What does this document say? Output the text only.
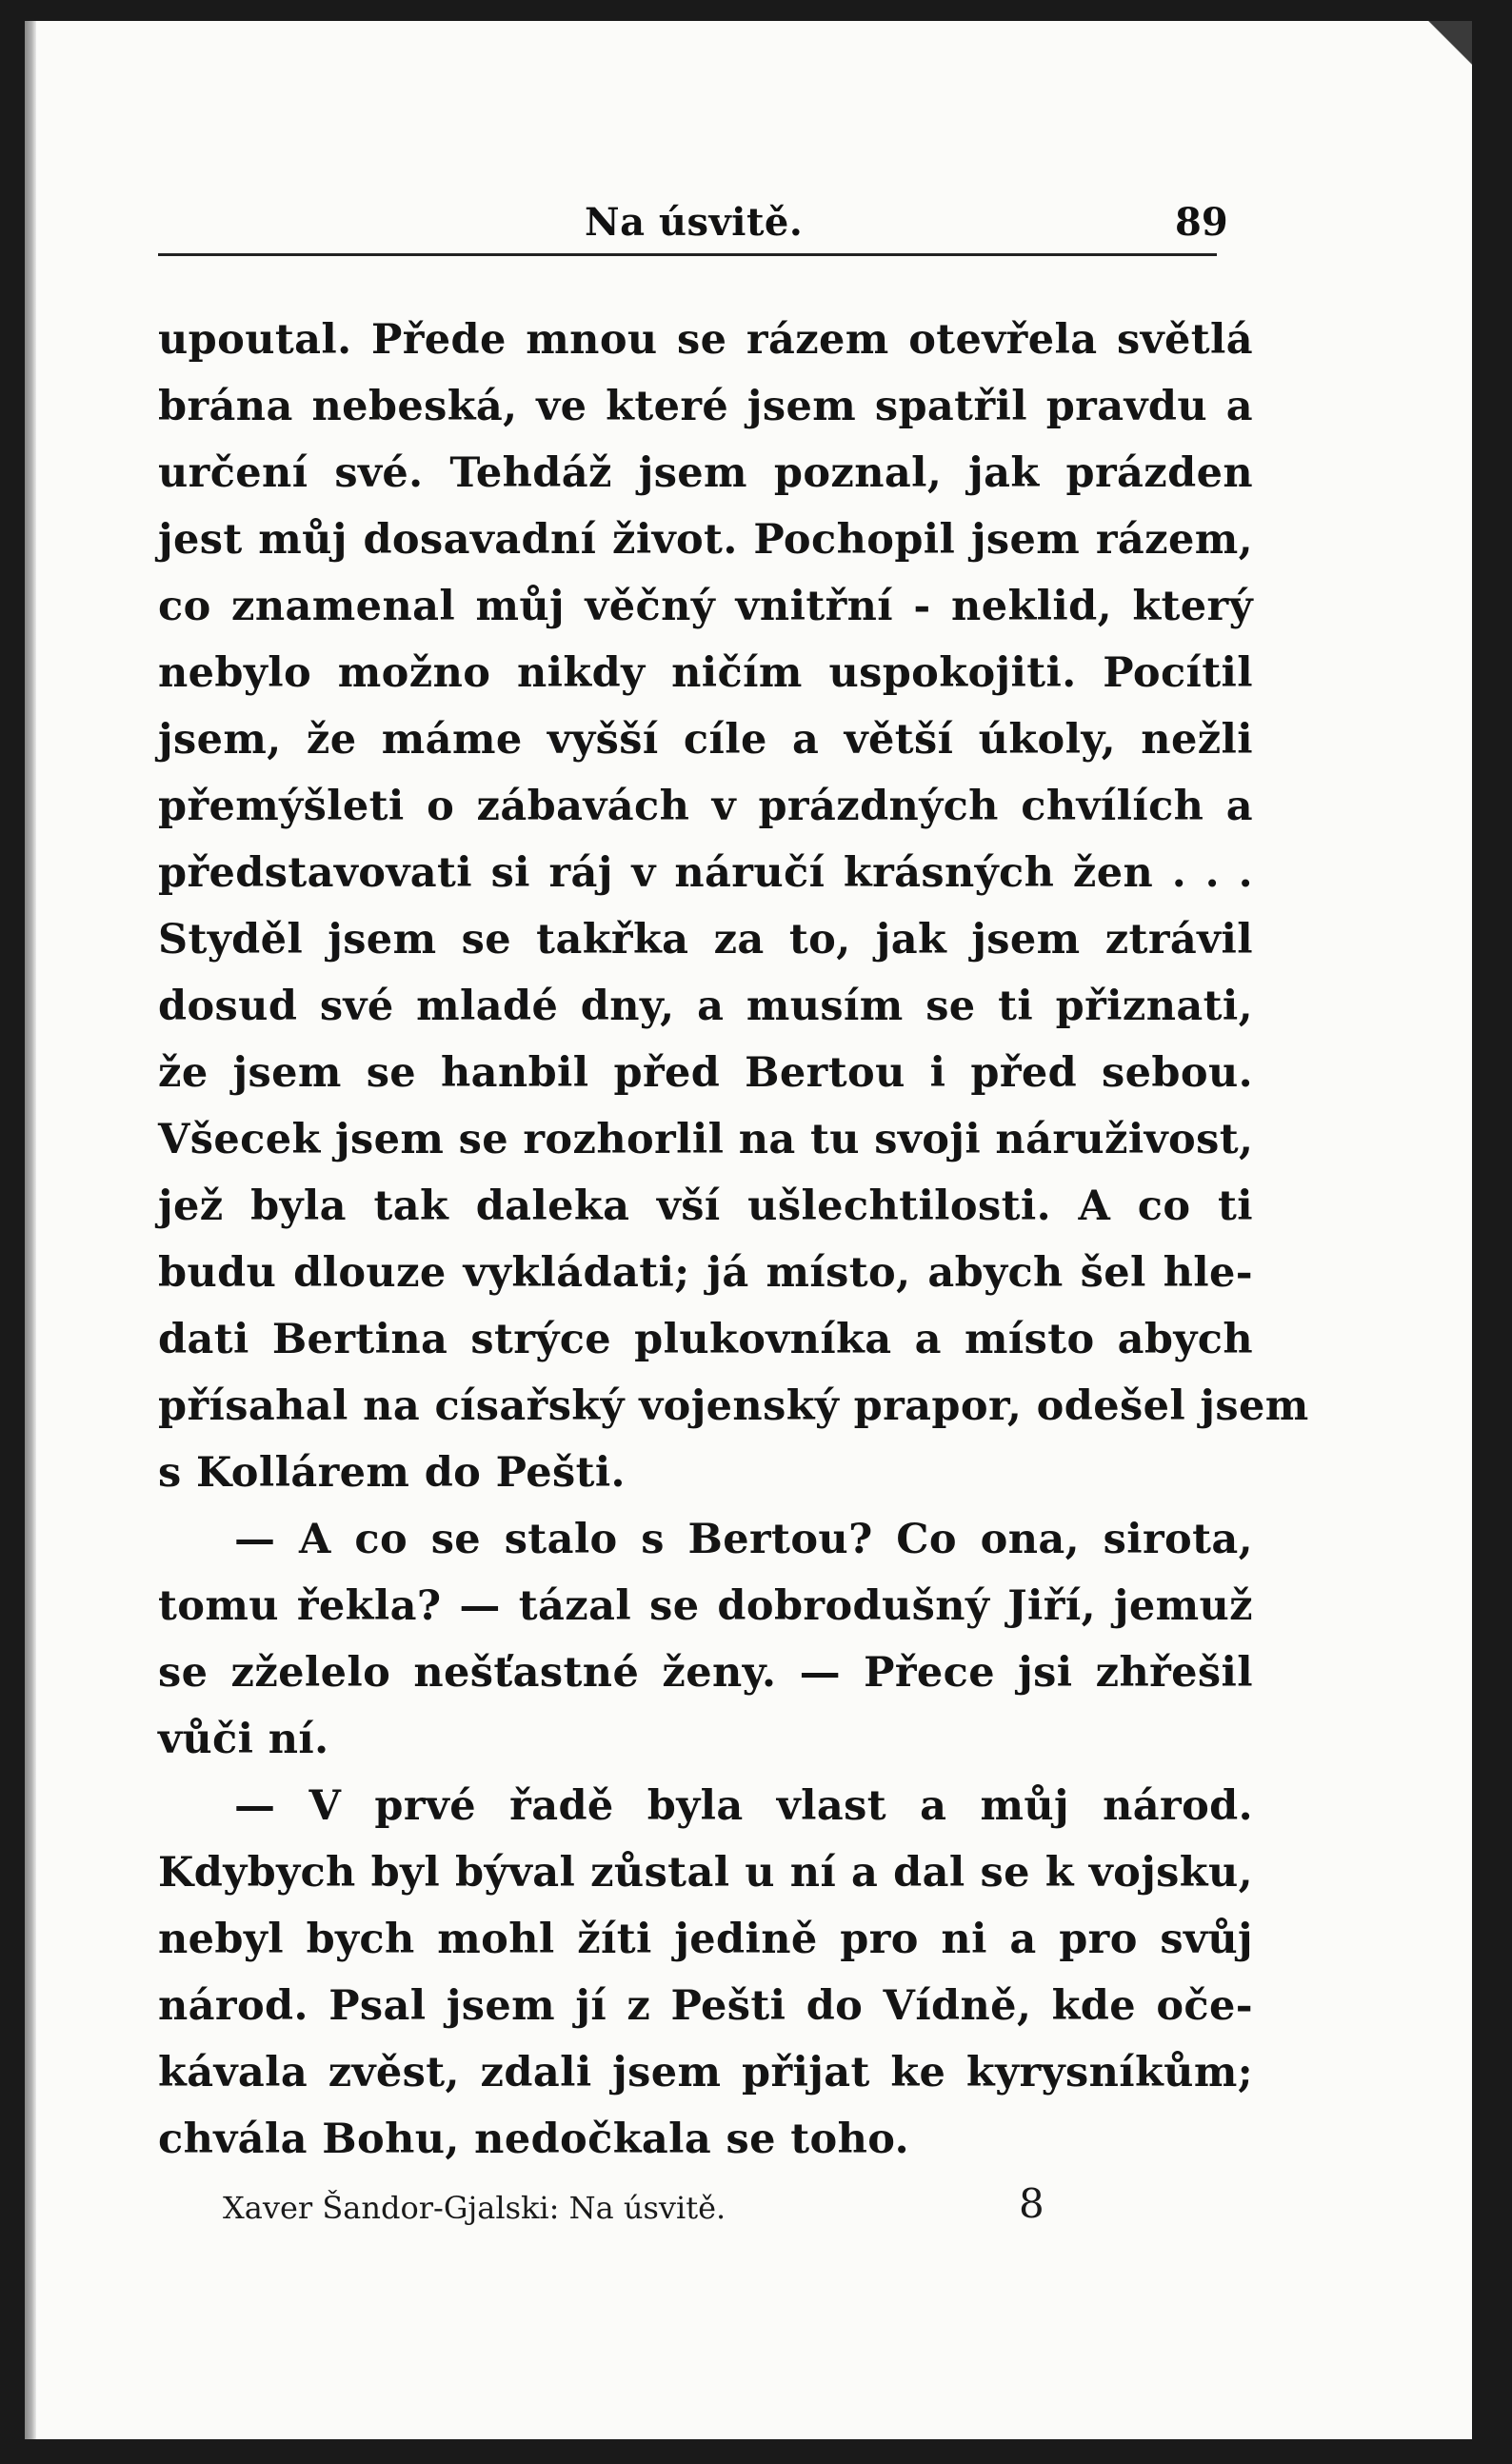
Na úsvitě.	89
upoutal. Přede mnou se rázem otevřela světlá
brána nebeská, ve které jsem spatřil pravdu a
určení své. Tehdáž jsem poznal, jak prázden
jest můj dosavadní život. Pochopil jsem rázem,
co znamenal můj věčný vnitřní - neklid, který
nebylo možno nikdy ničím uspokojiti. Pocítil
jsem, že máme vyšší cíle a větší úkoly, nežli
přemýšleti o zábavách v prázdných chvílích a
představovati si ráj v náručí krásných žen . . .
Styděl jsem se takřka za to, jak jsem ztrávil
dosud své mladé dny, a musím se ti přiznati,
že jsem se hanbil před Bertou i před sebou.
Všecek jsem se rozhorlil na tu svoji náruživost,
jež byla tak daleka vší ušlechtilosti. A co ti
budu dlouze vykládati; já místo, abych šel hle-
dati Bertina strýce plukovníka a místo abych
přísahal na císařský vojenský prapor, odešel jsem
s Kollárem do Pešti.
— A co se stalo s Bertou? Co ona, sirota,
tomu řekla? — tázal se dobrodušný Jiří, jemuž
se zželelo nešťastné ženy. — Přece jsi zhřešil
vůči ní.
— V prvé řadě byla vlast a můj národ.
Kdybych byl býval zůstal u ní a dal se k vojsku,
nebyl bych mohl žíti jedině pro ni a pro svůj
národ. Psal jsem jí z Pešti do Vídně, kde oče-
kávala zvěst, zdali jsem přijat ke kyrysníkům;
chvála Bohu, nedočkala se toho.
Xaver Šandor-Gjalski: Na úsvitě.	8
